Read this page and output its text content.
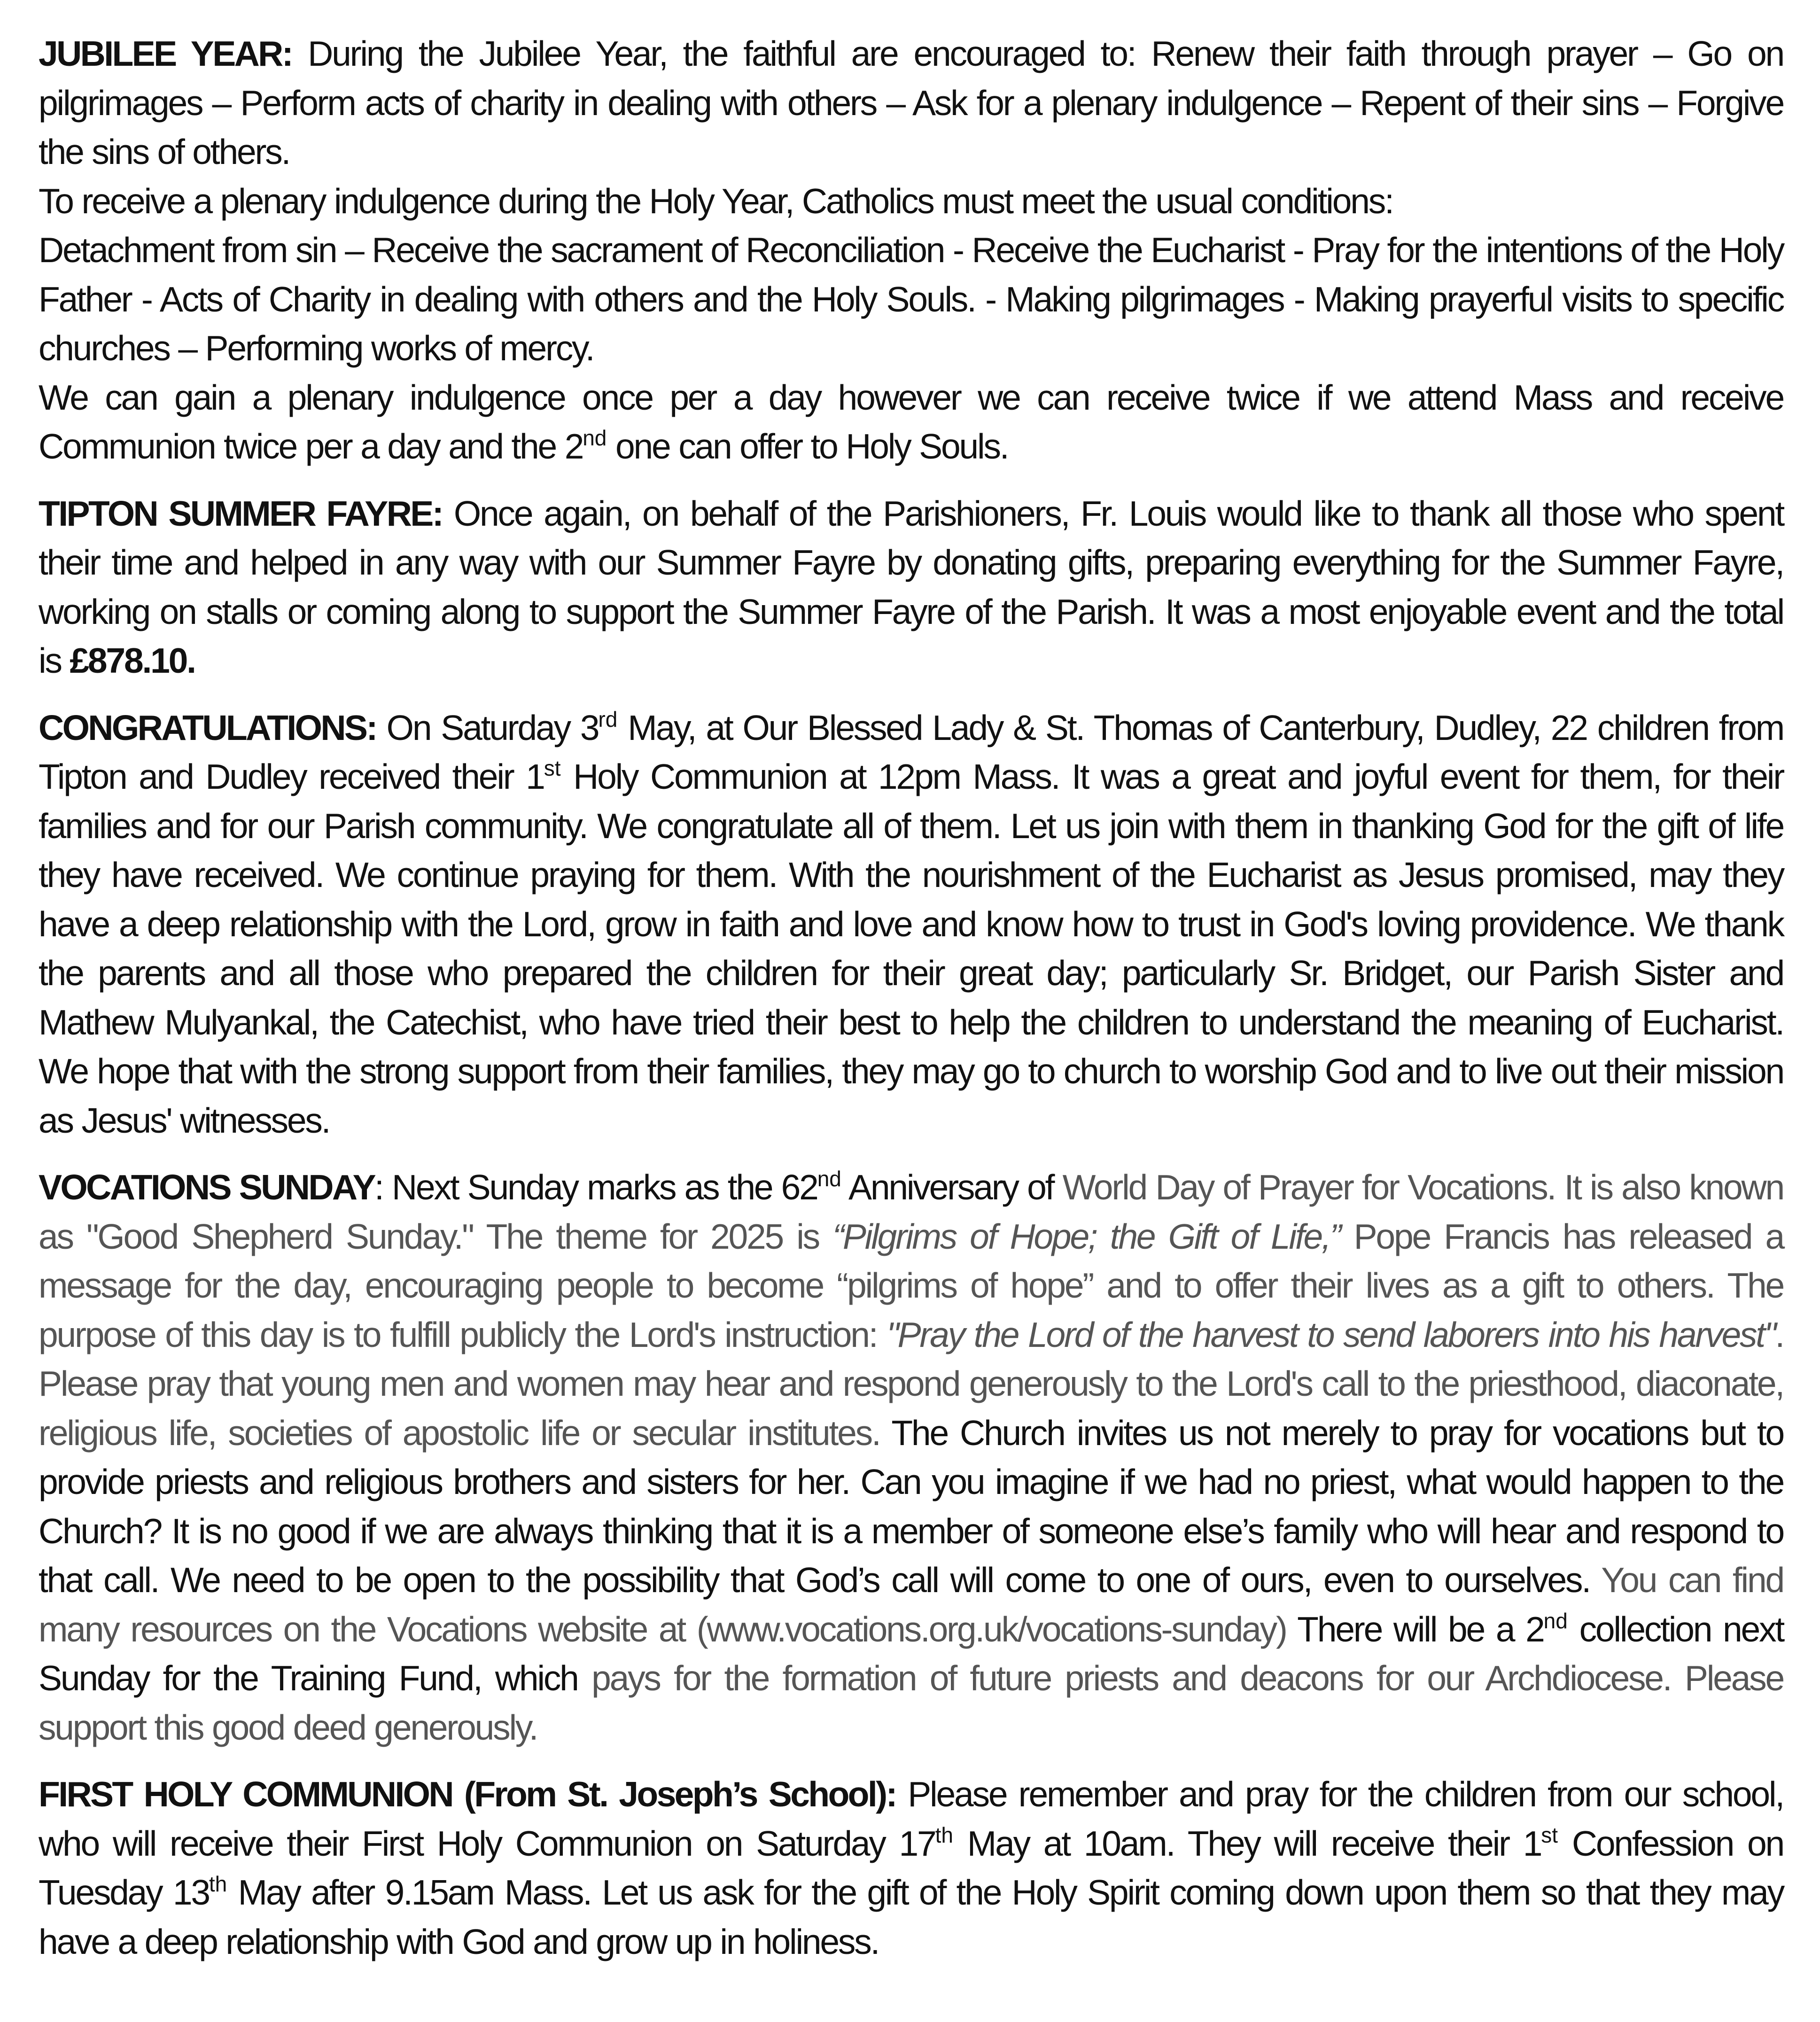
JUBILEE YEAR: During the Jubilee Year, the faithful are encouraged to: Renew their faith through prayer – Go on pilgrimages – Perform acts of charity in dealing with others – Ask for a plenary indulgence – Repent of their sins – Forgive the sins of others.

To receive a plenary indulgence during the Holy Year, Catholics must meet the usual conditions:

Detachment from sin – Receive the sacrament of Reconciliation - Receive the Eucharist - Pray for the intentions of the Holy Father - Acts of Charity in dealing with others and the Holy Souls. - Making pilgrimages - Making prayerful visits to specific churches – Performing works of mercy.

We can gain a plenary indulgence once per a day however we can receive twice if we attend Mass and receive Communion twice per a day and the 2nd one can offer to Holy Souls.

TIPTON SUMMER FAYRE: Once again, on behalf of the Parishioners, Fr. Louis would like to thank all those who spent their time and helped in any way with our Summer Fayre by donating gifts, preparing everything for the Summer Fayre, working on stalls or coming along to support the Summer Fayre of the Parish. It was a most enjoyable event and the total is £878.10.

CONGRATULATIONS: On Saturday 3rd May, at Our Blessed Lady & St. Thomas of Canterbury, Dudley, 22 children from Tipton and Dudley received their 1st Holy Communion at 12pm Mass. It was a great and joyful event for them, for their families and for our Parish community. We congratulate all of them. Let us join with them in thanking God for the gift of life they have received. We continue praying for them. With the nourishment of the Eucharist as Jesus promised, may they have a deep relationship with the Lord, grow in faith and love and know how to trust in God's loving providence. We thank the parents and all those who prepared the children for their great day; particularly Sr. Bridget, our Parish Sister and Mathew Mulyankal, the Catechist, who have tried their best to help the children to understand the meaning of Eucharist. We hope that with the strong support from their families, they may go to church to worship God and to live out their mission as Jesus' witnesses.

VOCATIONS SUNDAY: Next Sunday marks as the 62nd Anniversary of World Day of Prayer for Vocations. It is also known as "Good Shepherd Sunday." The theme for 2025 is “Pilgrims of Hope; the Gift of Life,” Pope Francis has released a message for the day, encouraging people to become “pilgrims of hope” and to offer their lives as a gift to others. The purpose of this day is to fulfill publicly the Lord's instruction: "Pray the Lord of the harvest to send laborers into his harvest". Please pray that young men and women may hear and respond generously to the Lord's call to the priesthood, diaconate, religious life, societies of apostolic life or secular institutes. The Church invites us not merely to pray for vocations but to provide priests and religious brothers and sisters for her. Can you imagine if we had no priest, what would happen to the Church? It is no good if we are always thinking that it is a member of someone else’s family who will hear and respond to that call. We need to be open to the possibility that God’s call will come to one of ours, even to ourselves. You can find many resources on the Vocations website at (www.vocations.org.uk/vocations-sunday) There will be a 2nd collection next Sunday for the Training Fund, which pays for the formation of future priests and deacons for our Archdiocese. Please support this good deed generously.

FIRST HOLY COMMUNION (From St. Joseph’s School): Please remember and pray for the children from our school, who will receive their First Holy Communion on Saturday 17th May at 10am. They will receive their 1st Confession on Tuesday 13th May after 9.15am Mass. Let us ask for the gift of the Holy Spirit coming down upon them so that they may have a deep relationship with God and grow up in holiness.
